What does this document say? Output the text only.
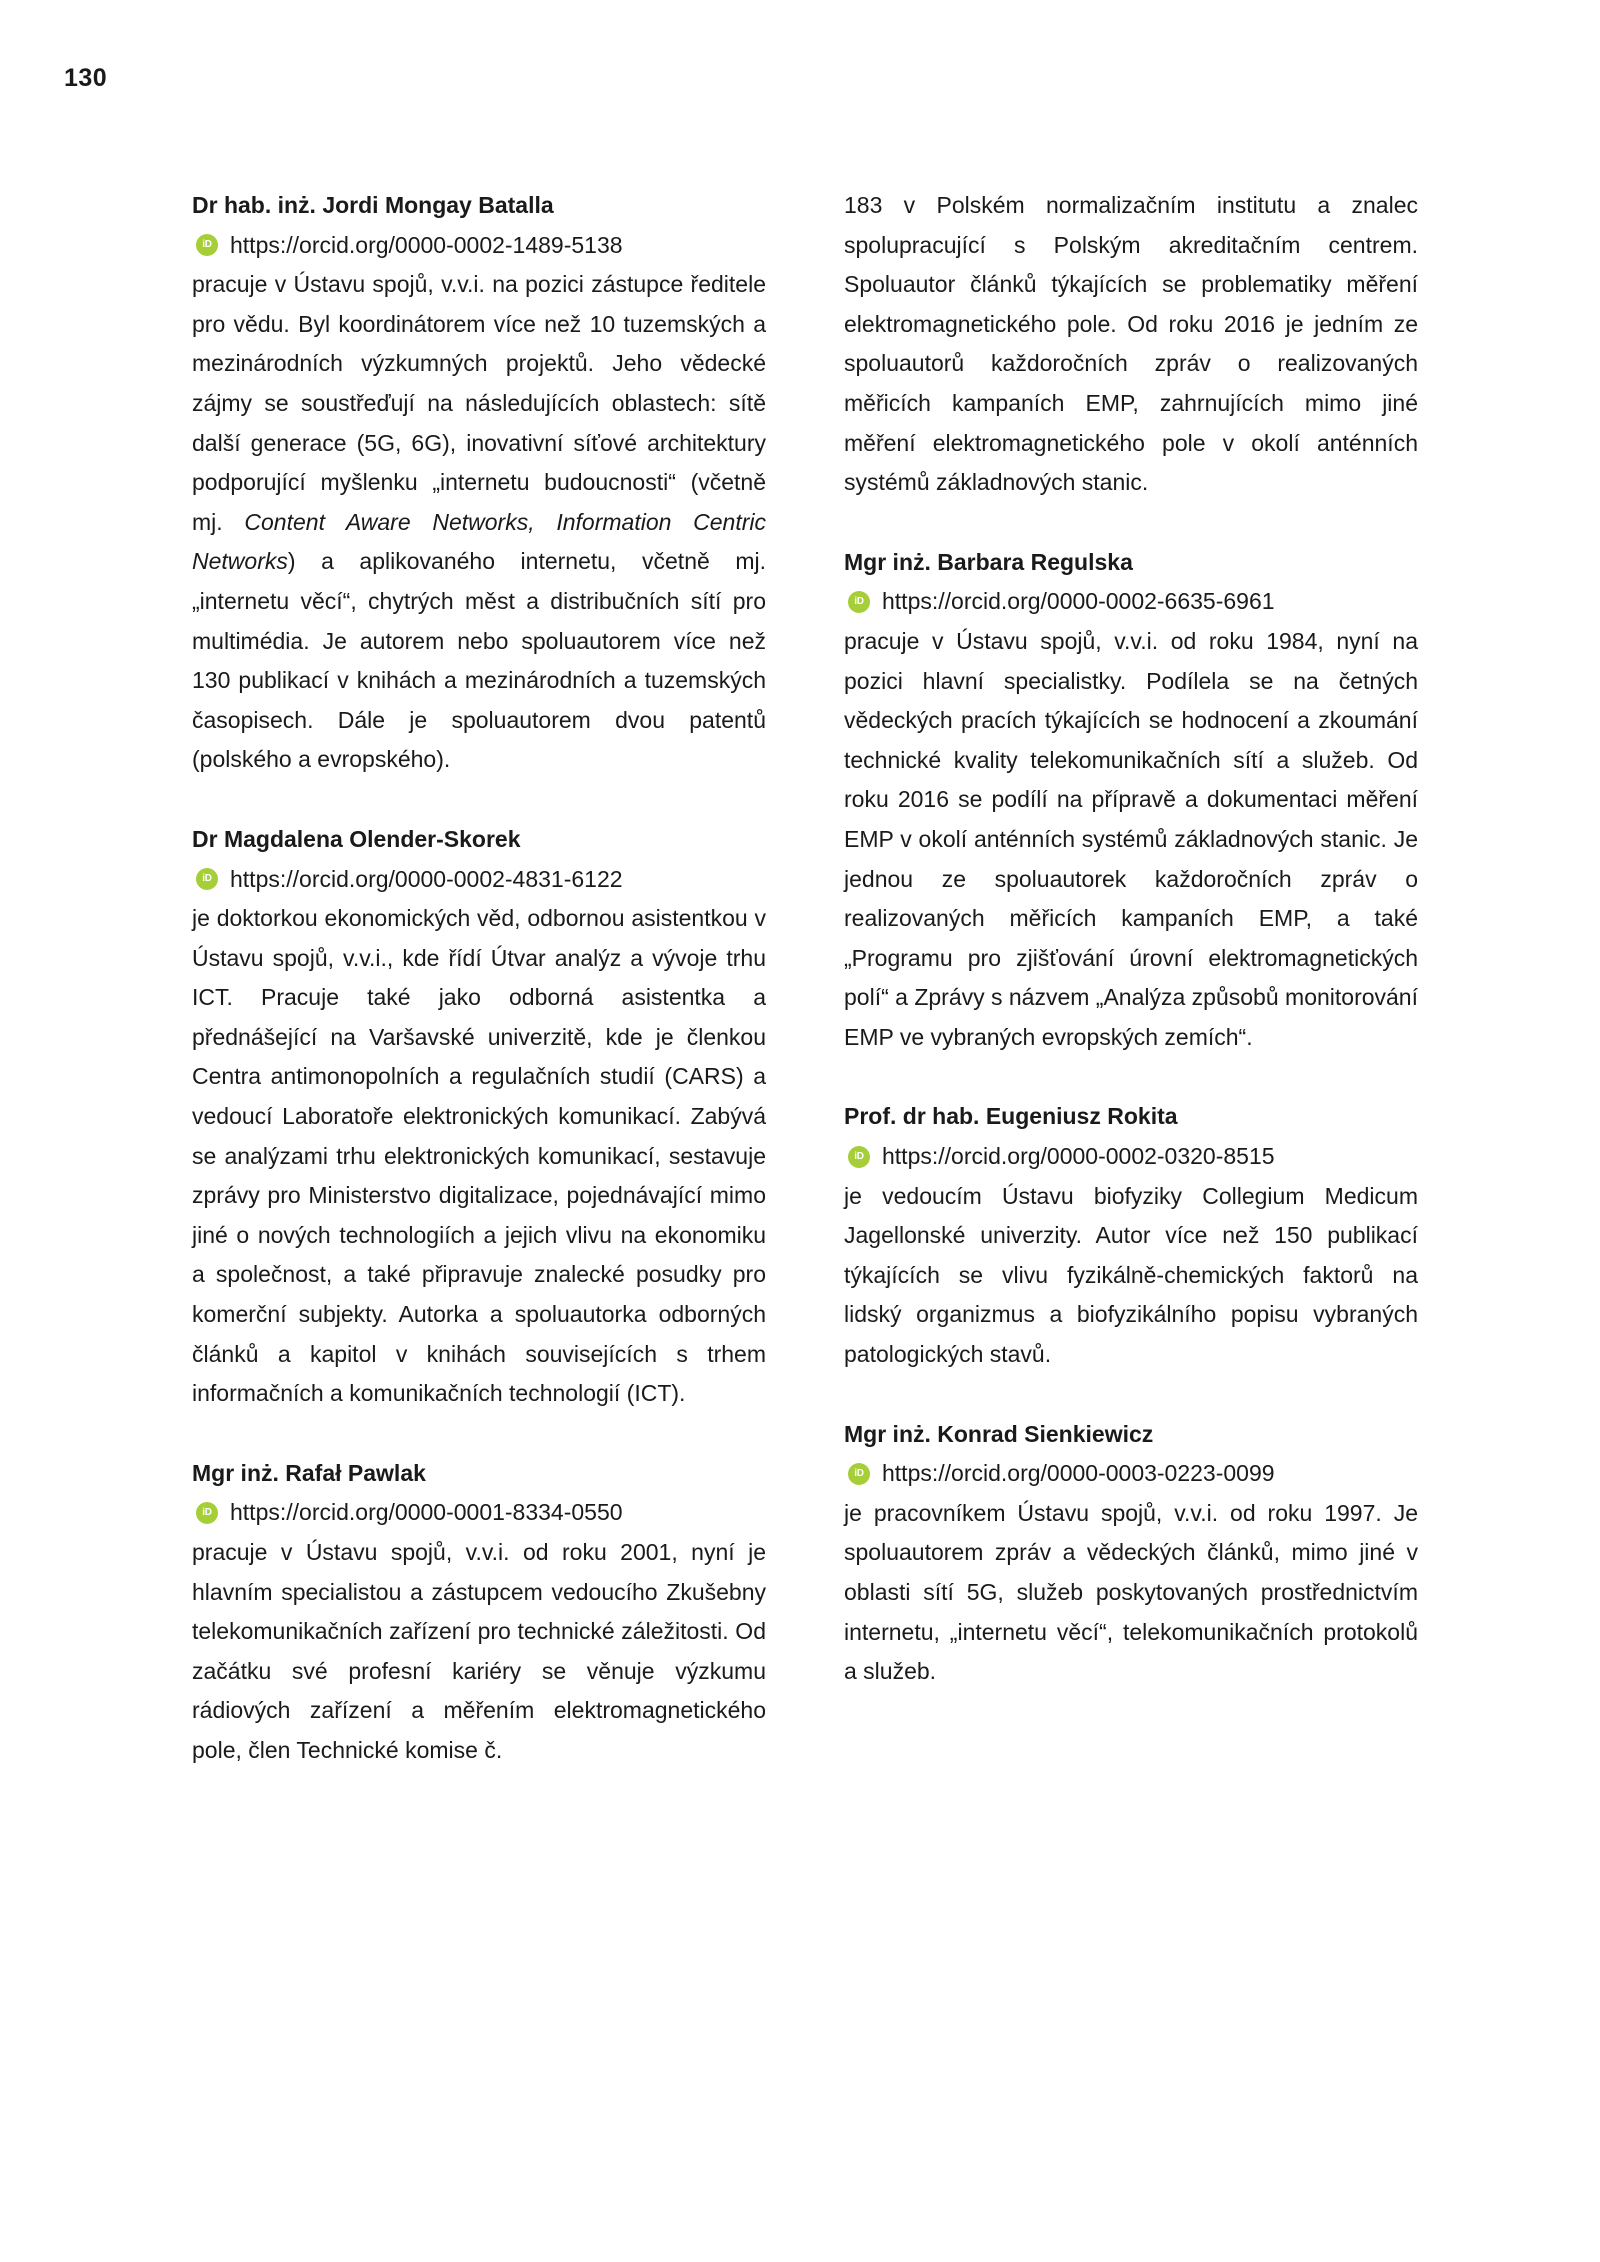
130
Dr hab. inż. Jordi Mongay Batalla
iD https://orcid.org/0000-0002-1489-5138

pracuje v Ústavu spojů, v.v.i. na pozici zástupce ředitele pro vědu. Byl koordinátorem více než 10 tuzemských a mezinárodních výzkumných projektů. Jeho vědecké zájmy se soustřeďují na následujících oblastech: sítě další generace (5G, 6G), inovativní síťové architektury podporující myšlenku „internetu budoucnosti“ (včetně mj. Content Aware Networks, Information Centric Networks) a aplikovaného internetu, včetně mj. „internetu věcí“, chytrých měst a distribučních sítí pro multimédia. Je autorem nebo spoluautorem více než 130 publikací v knihách a mezinárodních a tuzemských časopisech. Dále je spoluautorem dvou patentů (polského a evropského).

Dr Magdalena Olender-Skorek
iD https://orcid.org/0000-0002-4831-6122

je doktorkou ekonomických věd, odbornou asistentkou v Ústavu spojů, v.v.i., kde řídí Útvar analýz a vývoje trhu ICT. Pracuje také jako odborná asistentka a přednášející na Varšavské univerzitě, kde je členkou Centra antimonopolních a regulačních studií (CARS) a vedoucí Laboratoře elektronických komunikací. Zabývá se analýzami trhu elektronických komunikací, sestavuje zprávy pro Ministerstvo digitalizace, pojednávající mimo jiné o nových technologiích a jejich vlivu na ekonomiku a společnost, a také připravuje znalecké posudky pro komerční subjekty. Autorka a spoluautorka odborných článků a kapitol v knihách souvisejících s trhem informačních a komunikačních technologií (ICT).

Mgr inż. Rafał Pawlak
iD https://orcid.org/0000-0001-8334-0550

pracuje v Ústavu spojů, v.v.i. od roku 2001, nyní je hlavním specialistou a zástupcem vedoucího Zkušebny telekomunikačních zařízení pro technické záležitosti. Od začátku své profesní kariéry se věnuje výzkumu rádiových zařízení a měřením elektromagnetického pole, člen Technické komise č.

183 v Polském normalizačním institutu a znalec spolupracující s Polským akreditačním centrem. Spoluautor článků týkajících se problematiky měření elektromagnetického pole. Od roku 2016 je jedním ze spoluautorů každoročních zpráv o realizovaných měřicích kampaních EMP, zahrnujících mimo jiné měření elektromagnetického pole v okolí anténních systémů základnových stanic.

Mgr inż. Barbara Regulska
iD https://orcid.org/0000-0002-6635-6961

pracuje v Ústavu spojů, v.v.i. od roku 1984, nyní na pozici hlavní specialistky. Podílela se na četných vědeckých pracích týkajících se hodnocení a zkoumání technické kvality telekomunikačních sítí a služeb. Od roku 2016 se podílí na přípravě a dokumentaci měření EMP v okolí anténních systémů základnových stanic. Je jednou ze spoluautorek každoročních zpráv o realizovaných měřicích kampaních EMP, a také „Programu pro zjišťování úrovní elektromagnetických polí“ a Zprávy s názvem „Analýza způsobů monitorování EMP ve vybraných evropských zemích“.

Prof. dr hab. Eugeniusz Rokita
iD https://orcid.org/0000-0002-0320-8515

je vedoucím Ústavu biofyziky Collegium Medicum Jagellonské univerzity. Autor více než 150 publikací týkajících se vlivu fyzikálně-chemických faktorů na lidský organizmus a biofyzikálního popisu vybraných patologických stavů.

Mgr inż. Konrad Sienkiewicz
iD https://orcid.org/0000-0003-0223-0099

je pracovníkem Ústavu spojů, v.v.i. od roku 1997. Je spoluautorem zpráv a vědeckých článků, mimo jiné v oblasti sítí 5G, služeb poskytovaných prostřednictvím internetu, „internetu věcí“, telekomunikačních protokolů a služeb.
